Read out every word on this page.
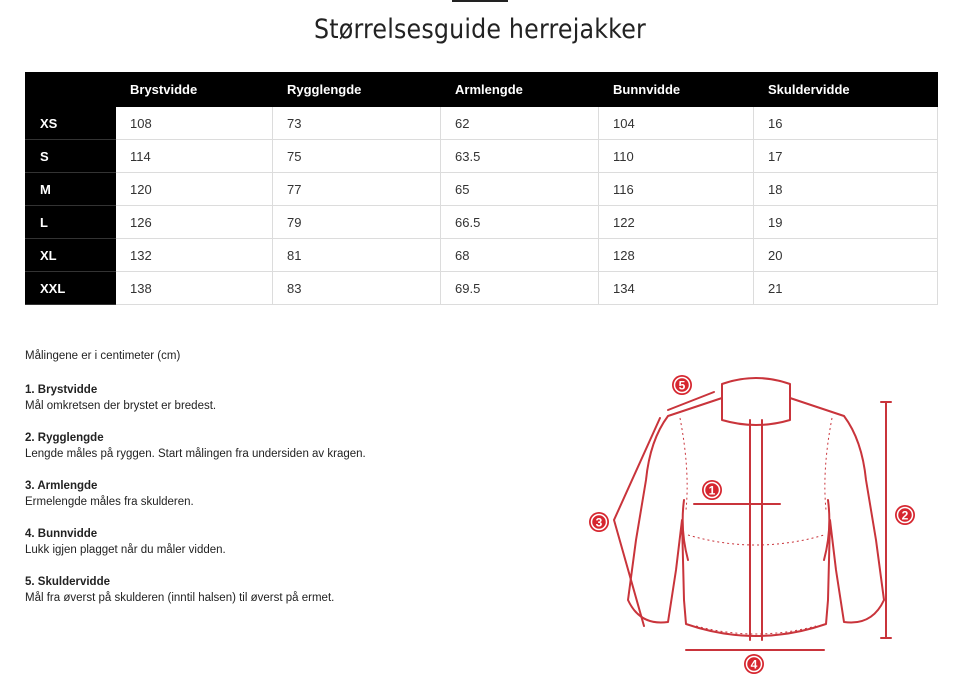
Størrelsesguide herrejakker
	Brystvidde	Rygglengde	Armlengde	Bunnvidde	Skuldervidde
XS	108	73	62	104	16
S	114	75	63.5	110	17
M	120	77	65	116	18
L	126	79	66.5	122	19
XL	132	81	68	128	20
XXL	138	83	69.5	134	21
Målingene er i centimeter (cm)
1. Brystvidde
Mål omkretsen der brystet er bredest.
2. Rygglengde
Lengde måles på ryggen. Start målingen fra undersiden av kragen.
3. Armlengde
Ermelengde måles fra skulderen.
4. Bunnvidde
Lukk igjen plagget når du måler vidden.
5. Skuldervidde
Mål fra øverst på skulderen (inntil halsen) til øverst på ermet.
1
2
3
4
5
